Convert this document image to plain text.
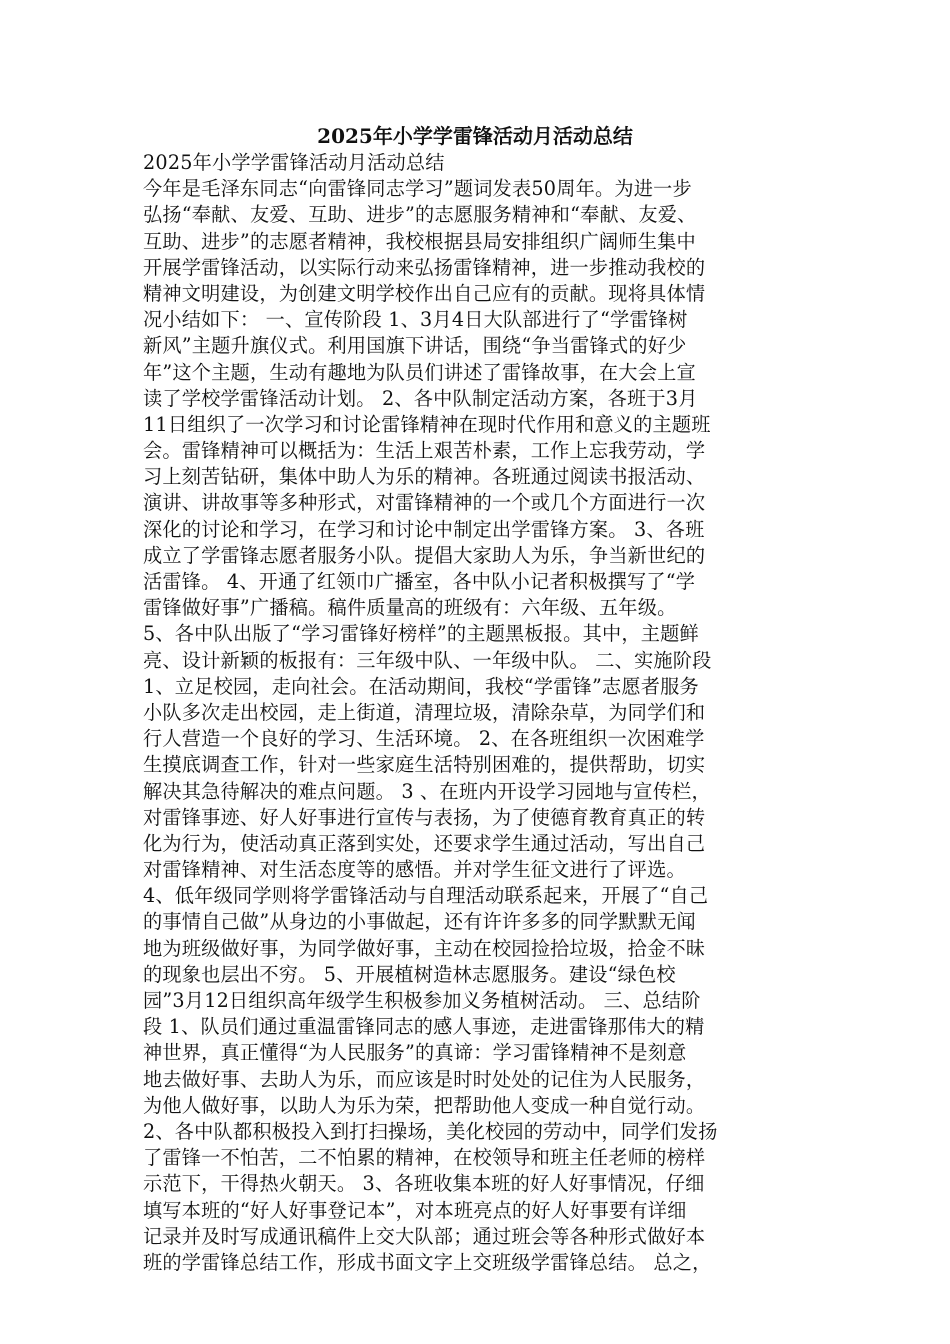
2025年小学学雷锋活动月活动总结
2025年小学学雷锋活动月活动总结
今年是毛泽东同志“向雷锋同志学习”题词发表50周年。为进一步
弘扬“奉献、友爱、互助、进步”的志愿服务精神和“奉献、友爱、
互助、进步”的志愿者精神，我校根据县局安排组织广阔师生集中
开展学雷锋活动，以实际行动来弘扬雷锋精神，进一步推动我校的
精神文明建设，为创建文明学校作出自己应有的贡献。现将具体情
况小结如下： 一、宣传阶段 1、3月4日大队部进行了“学雷锋树
新风”主题升旗仪式。利用国旗下讲话，围绕“争当雷锋式的好少
年”这个主题，生动有趣地为队员们讲述了雷锋故事，在大会上宣
读了学校学雷锋活动计划。 2、各中队制定活动方案，各班于3月
11日组织了一次学习和讨论雷锋精神在现时代作用和意义的主题班
会。雷锋精神可以概括为：生活上艰苦朴素，工作上忘我劳动，学
习上刻苦钻研，集体中助人为乐的精神。各班通过阅读书报活动、
演讲、讲故事等多种形式，对雷锋精神的一个或几个方面进行一次
深化的讨论和学习，在学习和讨论中制定出学雷锋方案。 3、各班
成立了学雷锋志愿者服务小队。提倡大家助人为乐，争当新世纪的
活雷锋。 4、开通了红领巾广播室，各中队小记者积极撰写了“学
雷锋做好事”广播稿。稿件质量高的班级有：六年级、五年级。
5、各中队出版了“学习雷锋好榜样”的主题黑板报。其中，主题鲜
亮、设计新颖的板报有：三年级中队、一年级中队。 二、实施阶段
1、立足校园，走向社会。在活动期间，我校“学雷锋”志愿者服务
小队多次走出校园，走上街道，清理垃圾，清除杂草，为同学们和
行人营造一个良好的学习、生活环境。 2、在各班组织一次困难学
生摸底调查工作，针对一些家庭生活特别困难的，提供帮助，切实
解决其急待解决的难点问题。 3 、在班内开设学习园地与宣传栏，
对雷锋事迹、好人好事进行宣传与表扬，为了使德育教育真正的转
化为行为，使活动真正落到实处，还要求学生通过活动，写出自己
对雷锋精神、对生活态度等的感悟。并对学生征文进行了评选。
4、低年级同学则将学雷锋活动与自理活动联系起来，开展了“自己
的事情自己做”从身边的小事做起，还有许许多多的同学默默无闻
地为班级做好事，为同学做好事，主动在校园捡拾垃圾，拾金不昧
的现象也层出不穷。 5、开展植树造林志愿服务。建设“绿色校
园”3月12日组织高年级学生积极参加义务植树活动。 三、总结阶
段 1、队员们通过重温雷锋同志的感人事迹，走进雷锋那伟大的精
神世界，真正懂得“为人民服务”的真谛：学习雷锋精神不是刻意
地去做好事、去助人为乐，而应该是时时处处的记住为人民服务，
为他人做好事，以助人为乐为荣，把帮助他人变成一种自觉行动。
2、各中队都积极投入到打扫操场，美化校园的劳动中，同学们发扬
了雷锋一不怕苦，二不怕累的精神，在校领导和班主任老师的榜样
示范下，干得热火朝天。 3、各班收集本班的好人好事情况，仔细
填写本班的“好人好事登记本”，对本班亮点的好人好事要有详细
记录并及时写成通讯稿件上交大队部；通过班会等各种形式做好本
班的学雷锋总结工作，形成书面文字上交班级学雷锋总结。 总之，
